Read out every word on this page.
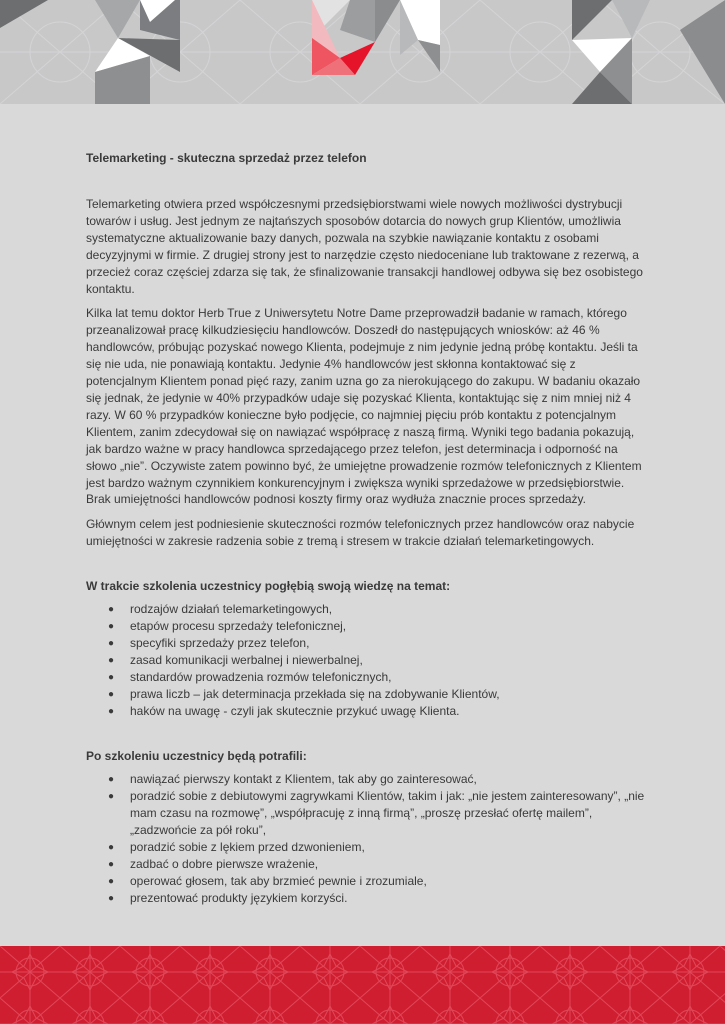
Telemarketing - skuteczna sprzedaż przez telefon

Telemarketing otwiera przed współczesnymi przedsiębiorstwami wiele nowych możliwości dystrybucji towarów i usług. Jest jednym ze najtańszych sposobów dotarcia do nowych grup Klientów, umożliwia systematyczne aktualizowanie bazy danych, pozwala na szybkie nawiązanie kontaktu z osobami decyzyjnymi w firmie. Z drugiej strony jest to narzędzie często niedoceniane lub traktowane z rezerwą, a przecież coraz częściej zdarza się tak, że sfinalizowanie transakcji handlowej odbywa się bez osobistego kontaktu.

Kilka lat temu doktor Herb True z Uniwersytetu Notre Dame przeprowadził badanie w ramach, którego przeanalizował pracę kilkudziesięciu handlowców. Doszedł do następujących wniosków: aż 46 % handlowców, próbując pozyskać nowego Klienta, podejmuje z nim jedynie jedną próbę kontaktu. Jeśli ta się nie uda, nie ponawiają kontaktu. Jedynie 4% handlowców jest skłonna kontaktować się z potencjalnym Klientem ponad pięć razy, zanim uzna go za nierokującego do zakupu. W badaniu okazało się jednak, że jedynie w 40% przypadków udaje się pozyskać Klienta, kontaktując się z nim mniej niż 4 razy. W 60 % przypadków konieczne było podjęcie, co najmniej pięciu prób kontaktu z potencjalnym Klientem, zanim zdecydował się on nawiązać współpracę z naszą firmą. Wyniki tego badania pokazują, jak bardzo ważne w pracy handlowca sprzedającego przez telefon, jest determinacja i odporność na słowo „nie”. Oczywiste zatem powinno być, że umiejętne prowadzenie rozmów telefonicznych z Klientem jest bardzo ważnym czynnikiem konkurencyjnym i zwiększa wyniki sprzedażowe w przedsiębiorstwie. Brak umiejętności handlowców podnosi koszty firmy oraz wydłuża znacznie proces sprzedaży.

Głównym celem jest podniesienie skuteczności rozmów telefonicznych przez handlowców oraz nabycie umiejętności w zakresie radzenia sobie z tremą i stresem w trakcie działań telemarketingowych.

W trakcie szkolenia uczestnicy pogłębią swoją wiedzę na temat:

● rodzajów działań telemarketingowych,
● etapów procesu sprzedaży telefonicznej,
● specyfiki sprzedaży przez telefon,
● zasad komunikacji werbalnej i niewerbalnej,
● standardów prowadzenia rozmów telefonicznych,
● prawa liczb – jak determinacja przekłada się na zdobywanie Klientów,
● haków na uwagę - czyli jak skutecznie przykuć uwagę Klienta.

Po szkoleniu uczestnicy będą potrafili:

● nawiązać pierwszy kontakt z Klientem, tak aby go zainteresować,
● poradzić sobie z debiutowymi zagrywkami Klientów, takim i jak: „nie jestem zainteresowany”, „nie mam czasu na rozmowę”, „współpracuję z inną firmą”, „proszę przesłać ofertę mailem”, „zadzwońcie za pół roku”,
● poradzić sobie z lękiem przed dzwonieniem,
● zadbać o dobre pierwsze wrażenie,
● operować głosem, tak aby brzmieć pewnie i zrozumiale,
● prezentować produkty językiem korzyści.
